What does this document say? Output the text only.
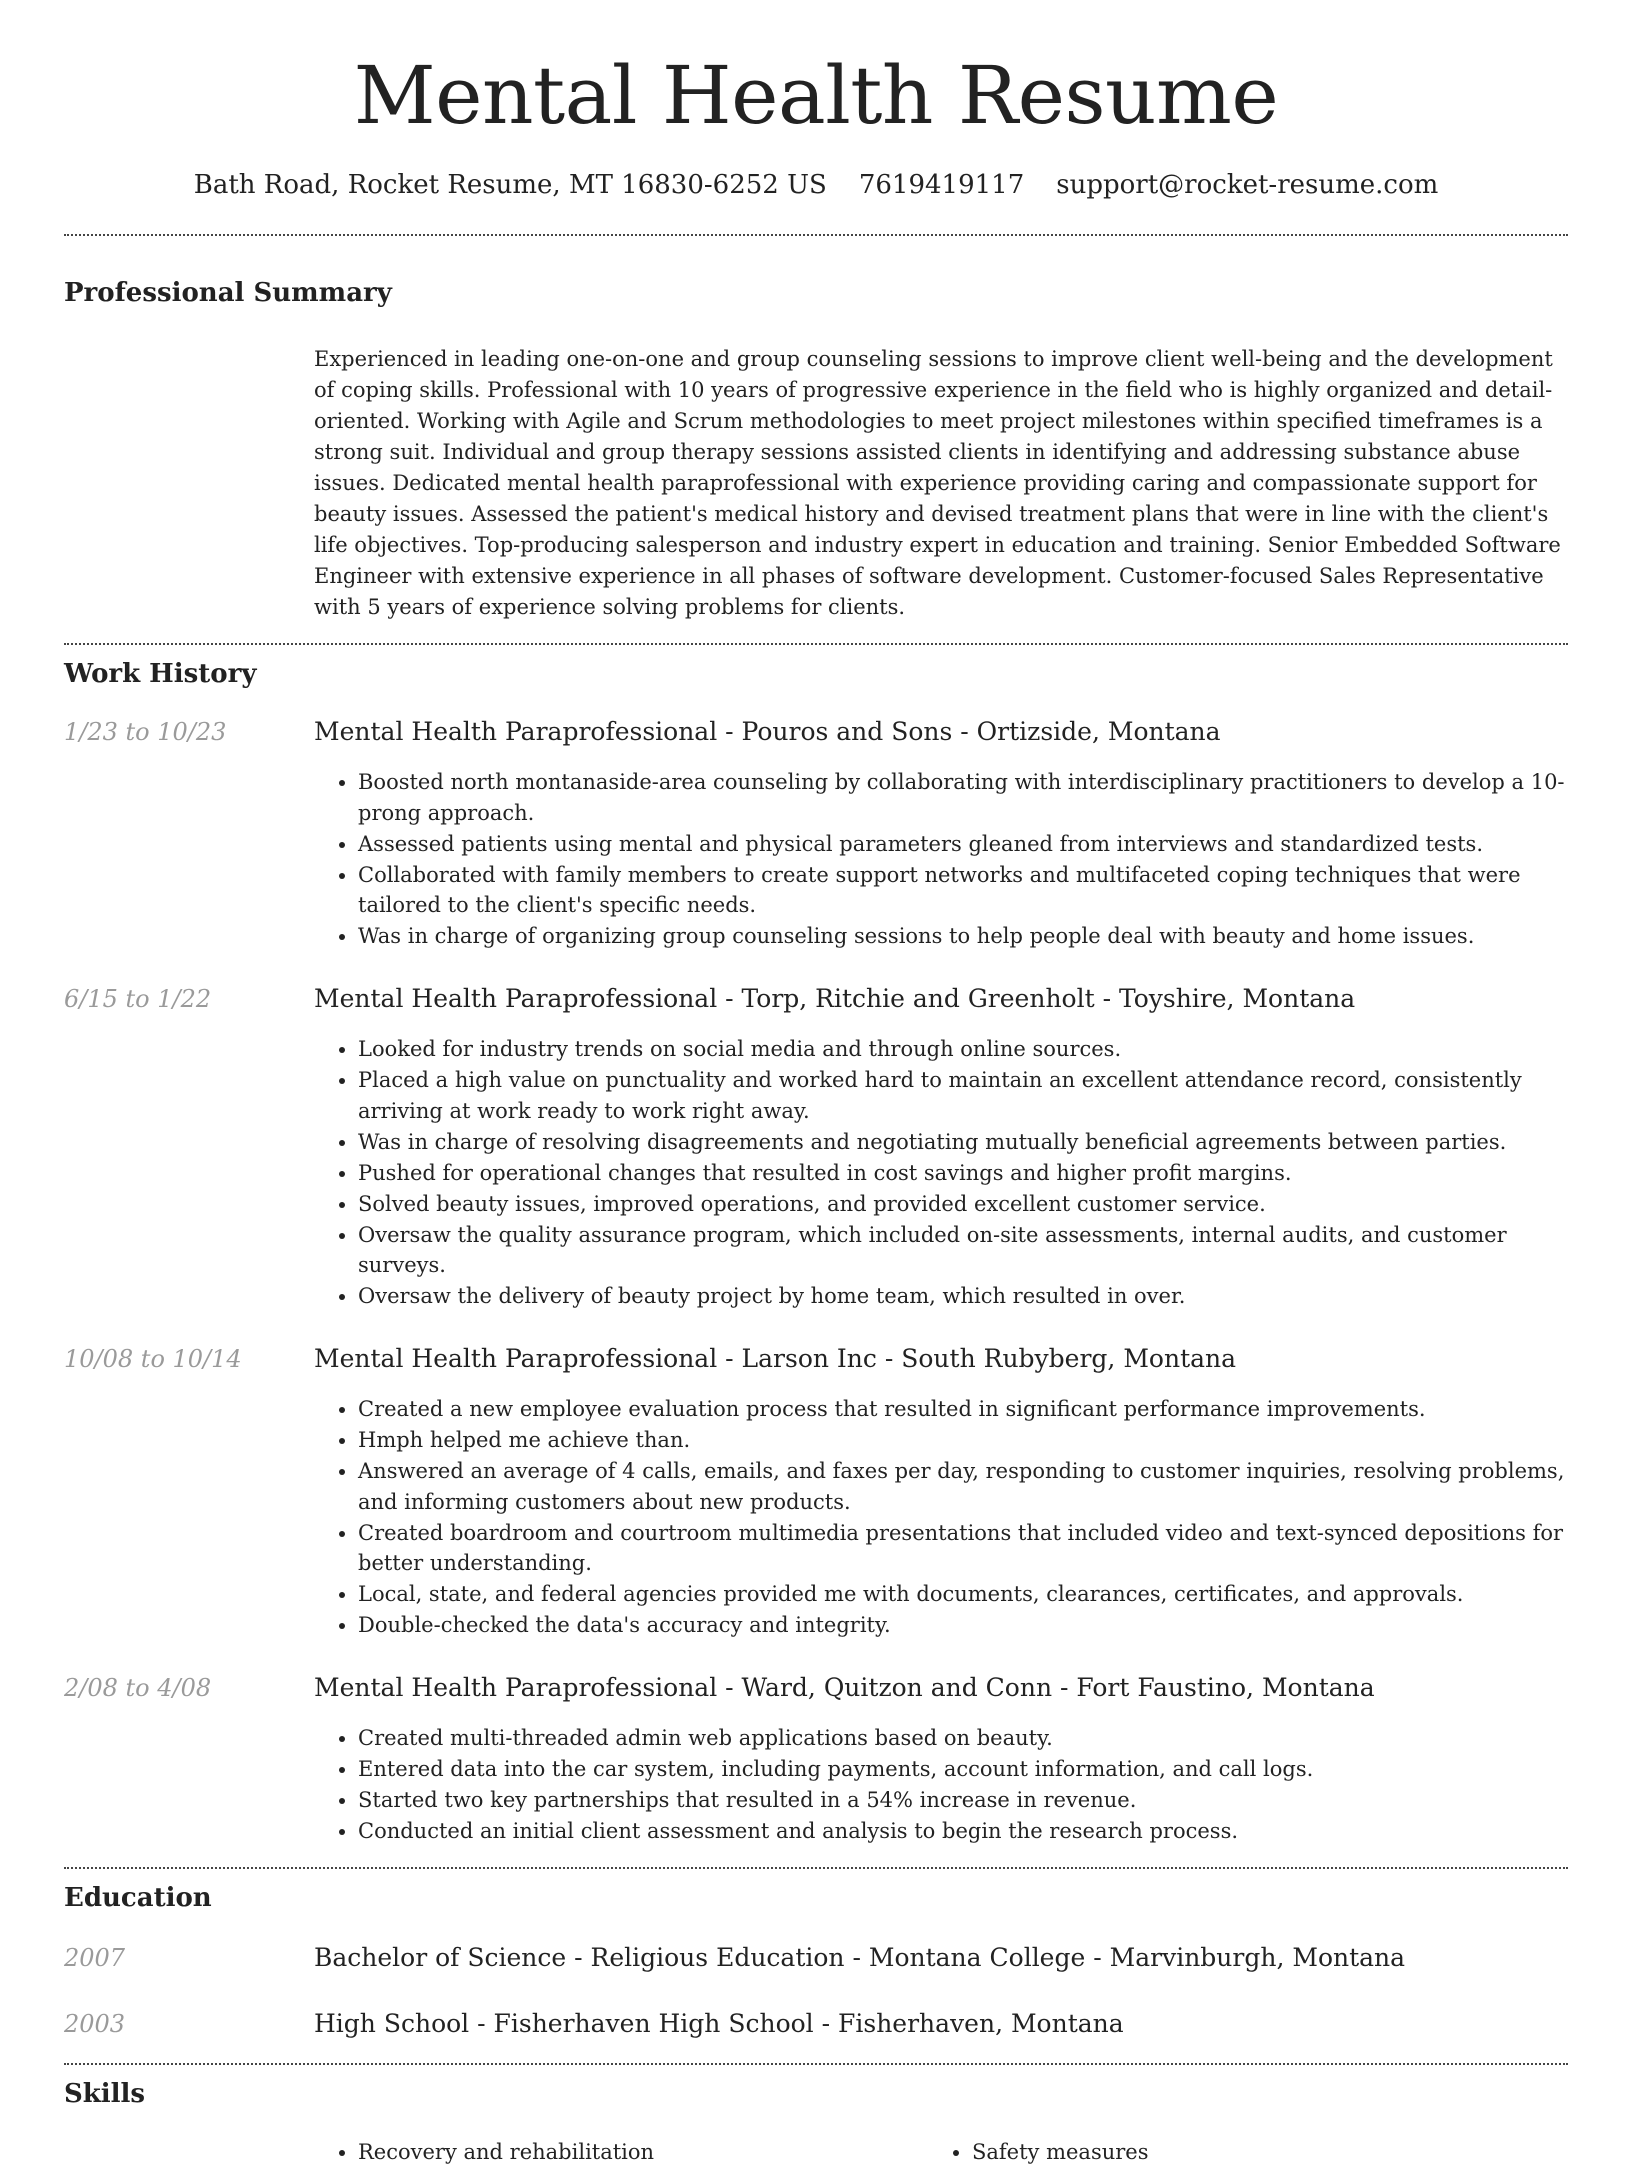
Mental Health Resume
Bath Road, Rocket Resume, MT 16830-6252 US 7619419117 support@rocket-resume.com
Professional Summary

Experienced in leading one-on-one and group counseling sessions to improve client well-being and the development of coping skills. Professional with 10 years of progressive experience in the field who is highly organized and detail-oriented. Working with Agile and Scrum methodologies to meet project milestones within specified timeframes is a strong suit. Individual and group therapy sessions assisted clients in identifying and addressing substance abuse issues. Dedicated mental health paraprofessional with experience providing caring and compassionate support for beauty issues. Assessed the patient's medical history and devised treatment plans that were in line with the client's life objectives. Top-producing salesperson and industry expert in education and training. Senior Embedded Software Engineer with extensive experience in all phases of software development. Customer-focused Sales Representative with 5 years of experience solving problems for clients.

Work History
1/23 to 10/23	Mental Health Paraprofessional - Pouros and Sons - Ortizside, Montana
• Boosted north montanaside-area counseling by collaborating with interdisciplinary practitioners to develop a 10-prong approach.
• Assessed patients using mental and physical parameters gleaned from interviews and standardized tests.
• Collaborated with family members to create support networks and multifaceted coping techniques that were tailored to the client's specific needs.
• Was in charge of organizing group counseling sessions to help people deal with beauty and home issues.
6/15 to 1/22	Mental Health Paraprofessional - Torp, Ritchie and Greenholt - Toyshire, Montana
• Looked for industry trends on social media and through online sources.
• Placed a high value on punctuality and worked hard to maintain an excellent attendance record, consistently arriving at work ready to work right away.
• Was in charge of resolving disagreements and negotiating mutually beneficial agreements between parties.
• Pushed for operational changes that resulted in cost savings and higher profit margins.
• Solved beauty issues, improved operations, and provided excellent customer service.
• Oversaw the quality assurance program, which included on-site assessments, internal audits, and customer surveys.
• Oversaw the delivery of beauty project by home team, which resulted in over.
10/08 to 10/14	Mental Health Paraprofessional - Larson Inc - South Rubyberg, Montana
• Created a new employee evaluation process that resulted in significant performance improvements.
• Hmph helped me achieve than.
• Answered an average of 4 calls, emails, and faxes per day, responding to customer inquiries, resolving problems, and informing customers about new products.
• Created boardroom and courtroom multimedia presentations that included video and text-synced depositions for better understanding.
• Local, state, and federal agencies provided me with documents, clearances, certificates, and approvals.
• Double-checked the data's accuracy and integrity.
2/08 to 4/08	Mental Health Paraprofessional - Ward, Quitzon and Conn - Fort Faustino, Montana
• Created multi-threaded admin web applications based on beauty.
• Entered data into the car system, including payments, account information, and call logs.
• Started two key partnerships that resulted in a 54% increase in revenue.
• Conducted an initial client assessment and analysis to begin the research process.
Education
2007	Bachelor of Science - Religious Education - Montana College - Marvinburgh, Montana
2003	High School - Fisherhaven High School - Fisherhaven, Montana
Skills
• Recovery and rehabilitation
•	Safety measures
